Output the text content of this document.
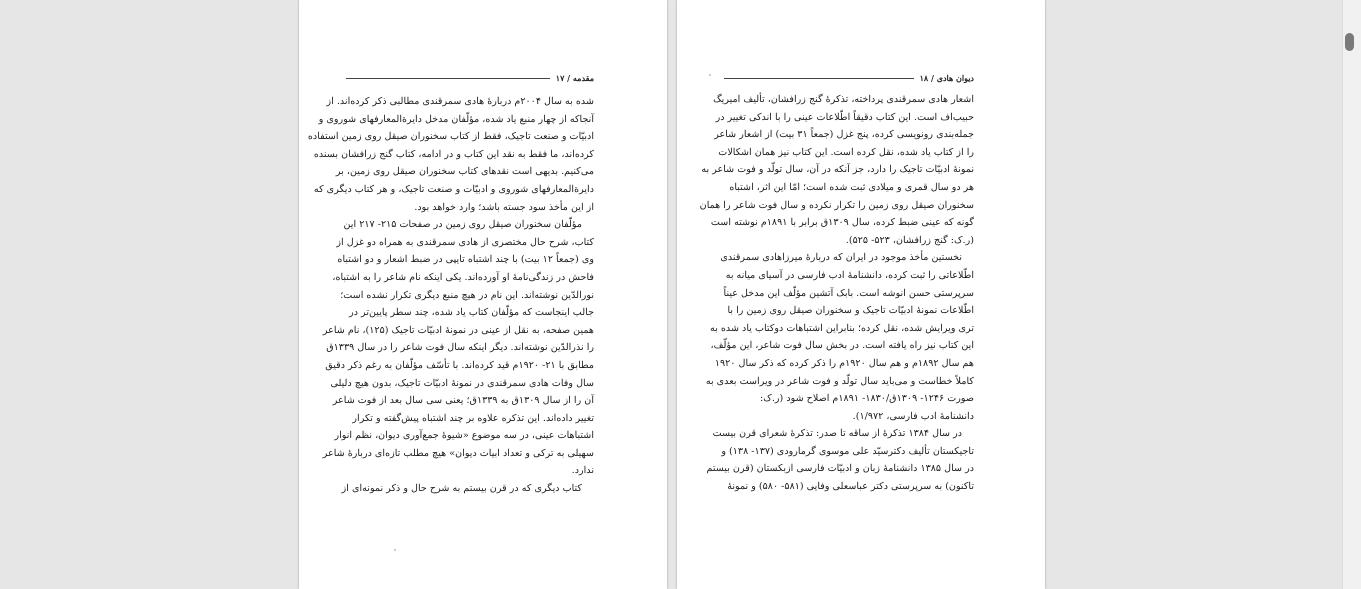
مقدمه / ۱۷
شده به سال ۲۰۰۴م دربارهٔ هادی سمرقندی مطالبی ذکر کرده‌اند. از
آنجاکه از چهار منبع یاد شده، مؤلّفان مدخل دایرةالمعارفهای شوروی و
ادبیّات و صنعت تاجیک، فقط از کتاب سخنوران صیقل روی زمین استفاده
کرده‌اند، ما فقط به نقد این کتاب و در ادامه، کتاب گنج زرافشان بسنده
می‌کنیم. بدیهی است نقدهای کتاب سخنوران صیقل روی زمین، بر
دایرةالمعارفهای شوروی و ادبیّات و صنعت تاجیک، و هر کتاب دیگری که
از این مأخذ سود جسته باشد؛ وارد خواهد بود.
مؤلّفان سخنوران صیقل روی زمین در صفحات ۲۱۵- ۲۱۷ این
کتاب، شرح حال مختصری از هادی سمرقندی به همراه دو غزل از
وی (جمعاً ۱۲ بیت) با چند اشتباه تایپی در ضبط اشعار و دو اشتباه
فاحش در زندگی‌نامهٔ او آورده‌اند. یکی اینکه نام شاعر را به اشتباه،
نورالدّین نوشته‌اند. این نام در هیچ منبع دیگری تکرار نشده است؛
جالب اینجاست که مؤلّفان کتاب یاد شده، چند سطر پایین‌تر در
همین صفحه، به نقل از عینی در نمونهٔ ادبیّات تاجیک (۱۲۵)، نام شاعر
را نذرالدّین نوشته‌اند. دیگر اینکه سال فوت شاعر را در سال ۱۳۳۹ق
مطابق با ۲۱- ۱۹۲۰م قید کرده‌اند. با تأسّف مؤلّفان به رغم ذکر دقیق
سال وفات هادی سمرقندی در نمونهٔ ادبیّات تاجیک، بدون هیچ دلیلی
آن را از سال ۱۳۰۹ق به ۱۳۳۹ق؛ یعنی سی سال بعد از فوت شاعر
تغییر داده‌اند. این تذکره علاوه بر چند اشتباه پیش‌گفته و تکرار
اشتباهات عینی، در سه موضوع «شیوهٔ جمع‌آوری دیوان، نظم انوار
سهیلی به ترکی و تعداد ابیات دیوان» هیچ مطلب تازه‌ای دربارهٔ شاعر
ندارد.
کتاب دیگری که در قرن بیستم به شرح حال و ذکر نمونه‌ای از
دیوان هادی / ۱۸
اشعار هادی سمرقندی پرداخته، تذکرهٔ گنج زرافشان، تألیف امیریگ
حبیب‌اف است. این کتاب دقیقاً اطّلاعات عینی را با اندکی تغییر در
جمله‌بندی رونویسی کرده، پنج غزل (جمعاً ۳۱ بیت) از اشعار شاعر
را از کتاب یاد شده، نقل کرده است. این کتاب نیز همان اشکالات
نمونهٔ ادبیّات تاجیک را دارد، جز آنکه در آن، سال تولّد و فوت شاعر به
هر دو سال قمری و میلادی ثبت شده است؛ امّا این اثر، اشتباه
سخنوران صیقل روی زمین را تکرار نکرده و سال فوت شاعر را همان
گونه که عینی ضبط کرده، سال ۱۳۰۹ق برابر با ۱۸۹۱م نوشته است
(ر.ک: گنج زرافشان، ۵۲۳- ۵۲۵).
نخستین مأخذ موجود در ایران که دربارهٔ میرزاهادی سمرقندی
اطّلاعاتی را ثبت کرده، دانشنامهٔ ادب فارسی در آسیای میانه به
سرپرستی حسن انوشه است. بابک آتشین مؤلّف این مدخل عیناً
اطّلاعات نمونهٔ ادبیّات تاجیک و سخنوران صیقل روی زمین را با
تری ویرایش شده، نقل کرده؛ بنابراین اشتباهات دوکتاب یاد شده به
این کتاب نیز راه یافته است. در بخش سال فوت شاعر، این مؤلّف،
هم سال ۱۸۹۲م و هم سال ۱۹۲۰م را ذکر کرده که ذکر سال ۱۹۲۰
کاملاً خطاست و می‌باید سال تولّد و فوت شاعر در ویراست بعدی به
صورت ۱۲۴۶- ۱۳۰۹ق/۱۸۳۰- ۱۸۹۱م اصلاح شود (ر.ک:
دانشنامهٔ ادب فارسی، ۱/۹۷۲).
در سال ۱۳۸۴ تذکرهٔ از ساقه تا صدر: تذکرهٔ شعرای قرن بیست
تاجیکستان تألیف دکترسیّد علی موسوی گرمارودی (۱۳۷- ۱۳۸) و
در سال ۱۳۸۵ دانشنامهٔ زبان و ادبیّات فارسی ازبکستان (قرن بیستم
تاکنون) به سرپرستی دکتر عباسعلی وفایی (۵۸۱- ۵۸۰) و نمونهٔ
